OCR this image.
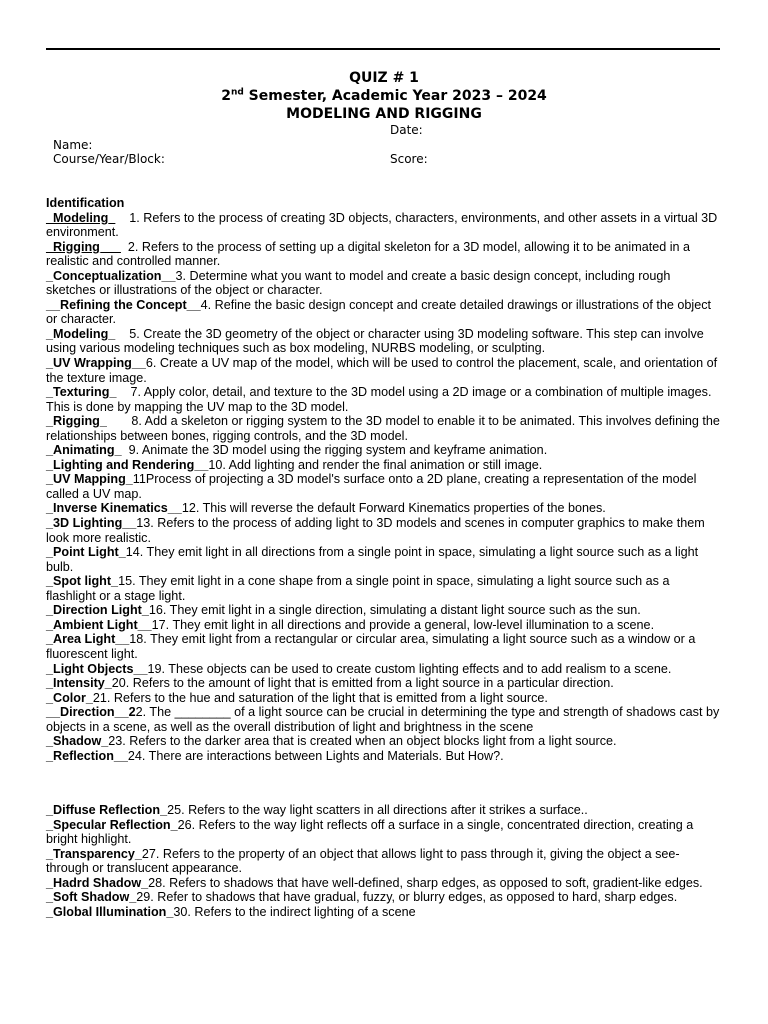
QUIZ # 1
2nd Semester, Academic Year 2023 – 2024
MODELING AND RIGGING
Date:
Name:
Course/Year/Block:	Score:
Identification

_Modeling_    1. Refers to the process of creating 3D objects, characters, environments, and other assets in a virtual 3D environment.

_Rigging___  2. Refers to the process of setting up a digital skeleton for a 3D model, allowing it to be animated in a realistic and controlled manner.

_Conceptualization__3. Determine what you want to model and create a basic design concept, including rough sketches or illustrations of the object or character.

__Refining the Concept__4. Refine the basic design concept and create detailed drawings or illustrations of the object or character.

_Modeling_    5. Create the 3D geometry of the object or character using 3D modeling software. This step can involve using various modeling techniques such as box modeling, NURBS modeling, or sculpting.

_UV Wrapping__6. Create a UV map of the model, which will be used to control the placement, scale, and orientation of the texture image.

_Texturing_    7. Apply color, detail, and texture to the 3D model using a 2D image or a combination of multiple images. This is done by mapping the UV map to the 3D model.

_Rigging_       8. Add a skeleton or rigging system to the 3D model to enable it to be animated. This involves defining the relationships between bones, rigging controls, and the 3D model.

_Animating_  9. Animate the 3D model using the rigging system and keyframe animation.

_Lighting and Rendering__10. Add lighting and render the final animation or still image.

_UV Mapping_11Process of projecting a 3D model's surface onto a 2D plane, creating a representation of the model called a UV map.

_Inverse Kinematics__12. This will reverse the default Forward Kinematics properties of the bones.

_3D Lighting__13. Refers to the process of adding light to 3D models and scenes in computer graphics to make them look more realistic.

_Point Light_14. They emit light in all directions from a single point in space, simulating a light source such as a light bulb.

_Spot light_15. They emit light in a cone shape from a single point in space, simulating a light source such as a flashlight or a stage light.

_Direction Light_16. They emit light in a single direction, simulating a distant light source such as the sun.

_Ambient Light__17. They emit light in all directions and provide a general, low-level illumination to a scene.

_Area Light__18. They emit light from a rectangular or circular area, simulating a light source such as a window or a fluorescent light.

_Light Objects__19. These objects can be used to create custom lighting effects and to add realism to a scene.

_Intensity_20. Refers to the amount of light that is emitted from a light source in a particular direction.

_Color_21. Refers to the hue and saturation of the light that is emitted from a light source.

__Direction__22. The ________ of a light source can be crucial in determining the type and strength of shadows cast by objects in a scene, as well as the overall distribution of light and brightness in the scene

_Shadow_23. Refers to the darker area that is created when an object blocks light from a light source.

_Reflection__24. There are interactions between Lights and Materials. But How?.

_Diffuse Reflection_25. Refers to the way light scatters in all directions after it strikes a surface..

_Specular Reflection_26. Refers to the way light reflects off a surface in a single, concentrated direction, creating a bright highlight.

_Transparency_27. Refers to the property of an object that allows light to pass through it, giving the object a see-through or translucent appearance.

_Hadrd Shadow_28. Refers to shadows that have well-defined, sharp edges, as opposed to soft, gradient-like edges.

_Soft Shadow_29. Refer to shadows that have gradual, fuzzy, or blurry edges, as opposed to hard, sharp edges.

_Global Illumination_30. Refers to the indirect lighting of a scene
